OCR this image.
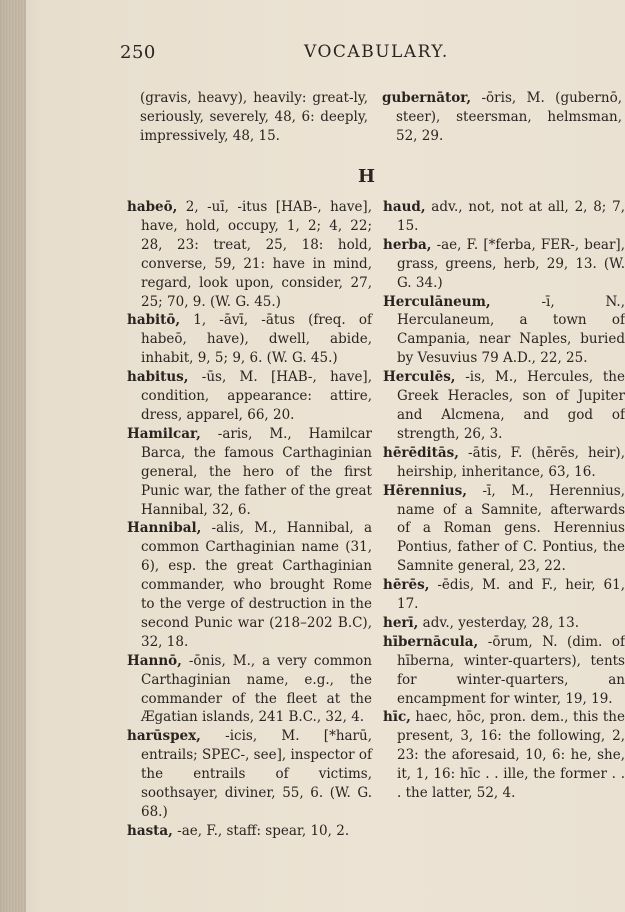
250	VOCABULARY.

(gravis, heavy), heavily: great-ly, seriously, severely, 48, 6: deeply, impressively, 48, 15.

gubernātor, -ōris, M. (gubernō, steer), steersman, helmsman, 52, 29.

H

habeō, 2, -uī, -itus [HAB-, have], have, hold, occupy, 1, 2; 4, 22; 28, 23: treat, 25, 18: hold, converse, 59, 21: have in mind, regard, look upon, consider, 27, 25; 70, 9. (W. G. 45.)

habitō, 1, -āvī, -ātus (freq. of habeō, have), dwell, abide, inhabit, 9, 5; 9, 6. (W. G. 45.)

habitus, -ūs, M. [HAB-, have], condition, appearance: attire, dress, apparel, 66, 20.

Hamilcar, -aris, M., Hamilcar Barca, the famous Carthaginian general, the hero of the first Punic war, the father of the great Hannibal, 32, 6.

Hannibal, -alis, M., Hannibal, a common Carthaginian name (31, 6), esp. the great Carthaginian commander, who brought Rome to the verge of destruction in the second Punic war (218–202 B.C), 32, 18.

Hannō, -ōnis, M., a very common Carthaginian name, e.g., the commander of the fleet at the Ægatian islands, 241 B.C., 32, 4.

harūspex, -icis, M. [*harū, entrails; SPEC-, see], inspector of the entrails of victims, soothsayer, diviner, 55, 6. (W. G. 68.)

hasta, -ae, F., staff: spear, 10, 2.

haud, adv., not, not at all, 2, 8; 7, 15.

herba, -ae, F. [*ferba, FER-, bear], grass, greens, herb, 29, 13. (W. G. 34.)

Herculāneum,	-ī, N., Herculaneum, a town of Campania, near Naples, buried by Vesuvius 79 A.D., 22, 25.

Herculēs, -is, M., Hercules, the Greek Heracles, son of Jupiter and Alcmena, and god of strength, 26, 3.

hērēditās, -ātis, F. (hērēs, heir), heirship, inheritance, 63, 16.

Hērennius, -ī, M., Herennius, name of a Samnite, afterwards of a Roman gens. Herennius Pontius, father of C. Pontius, the Samnite general, 23, 22.

hērēs, -ēdis, M. and F., heir, 61, 17.

herī, adv., yesterday, 28, 13.

hībernācula, -ōrum, N. (dim. of hīberna, winter-quarters), tents for winter-quarters, an encampment for winter, 19, 19.

hīc, haec, hōc, pron. dem., this the present, 3, 16: the following, 2, 23: the aforesaid, 10, 6: he, she, it, 1, 16: hīc . . ille, the former . . . the latter, 52, 4.
